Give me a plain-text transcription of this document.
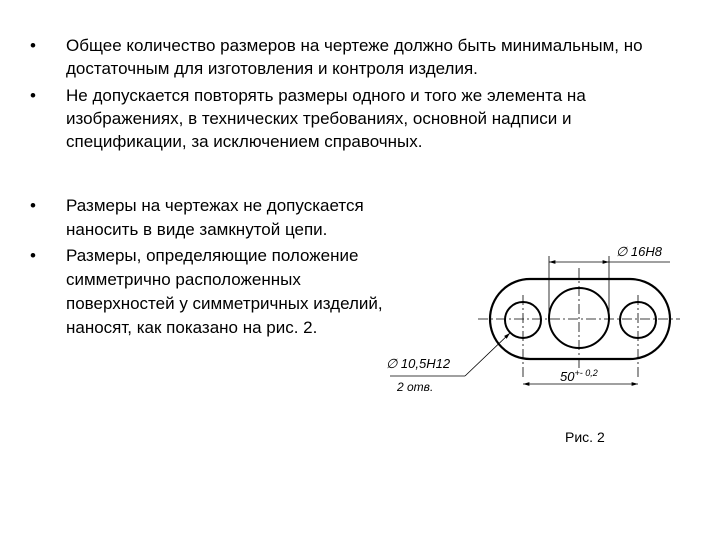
•	Общее количество размеров на чертеже должно быть минимальным, но достаточным для изготовления и контроля изделия.
•	Не допускается повторять размеры одного и того же элемента на изображениях, в технических требованиях, основной надписи и спецификации, за исключением справочных.
•	Размеры на чертежах не допускается наносить в виде замкнутой цепи.
•	Размеры, определяющие положение симметрично расположенных поверхностей у симметричных изделий, наносят, как показано на рис. 2.
∅ 16H8
∅ 10,5H12
2 отв.
$50^{+- 0,2}$
Рис. 2
